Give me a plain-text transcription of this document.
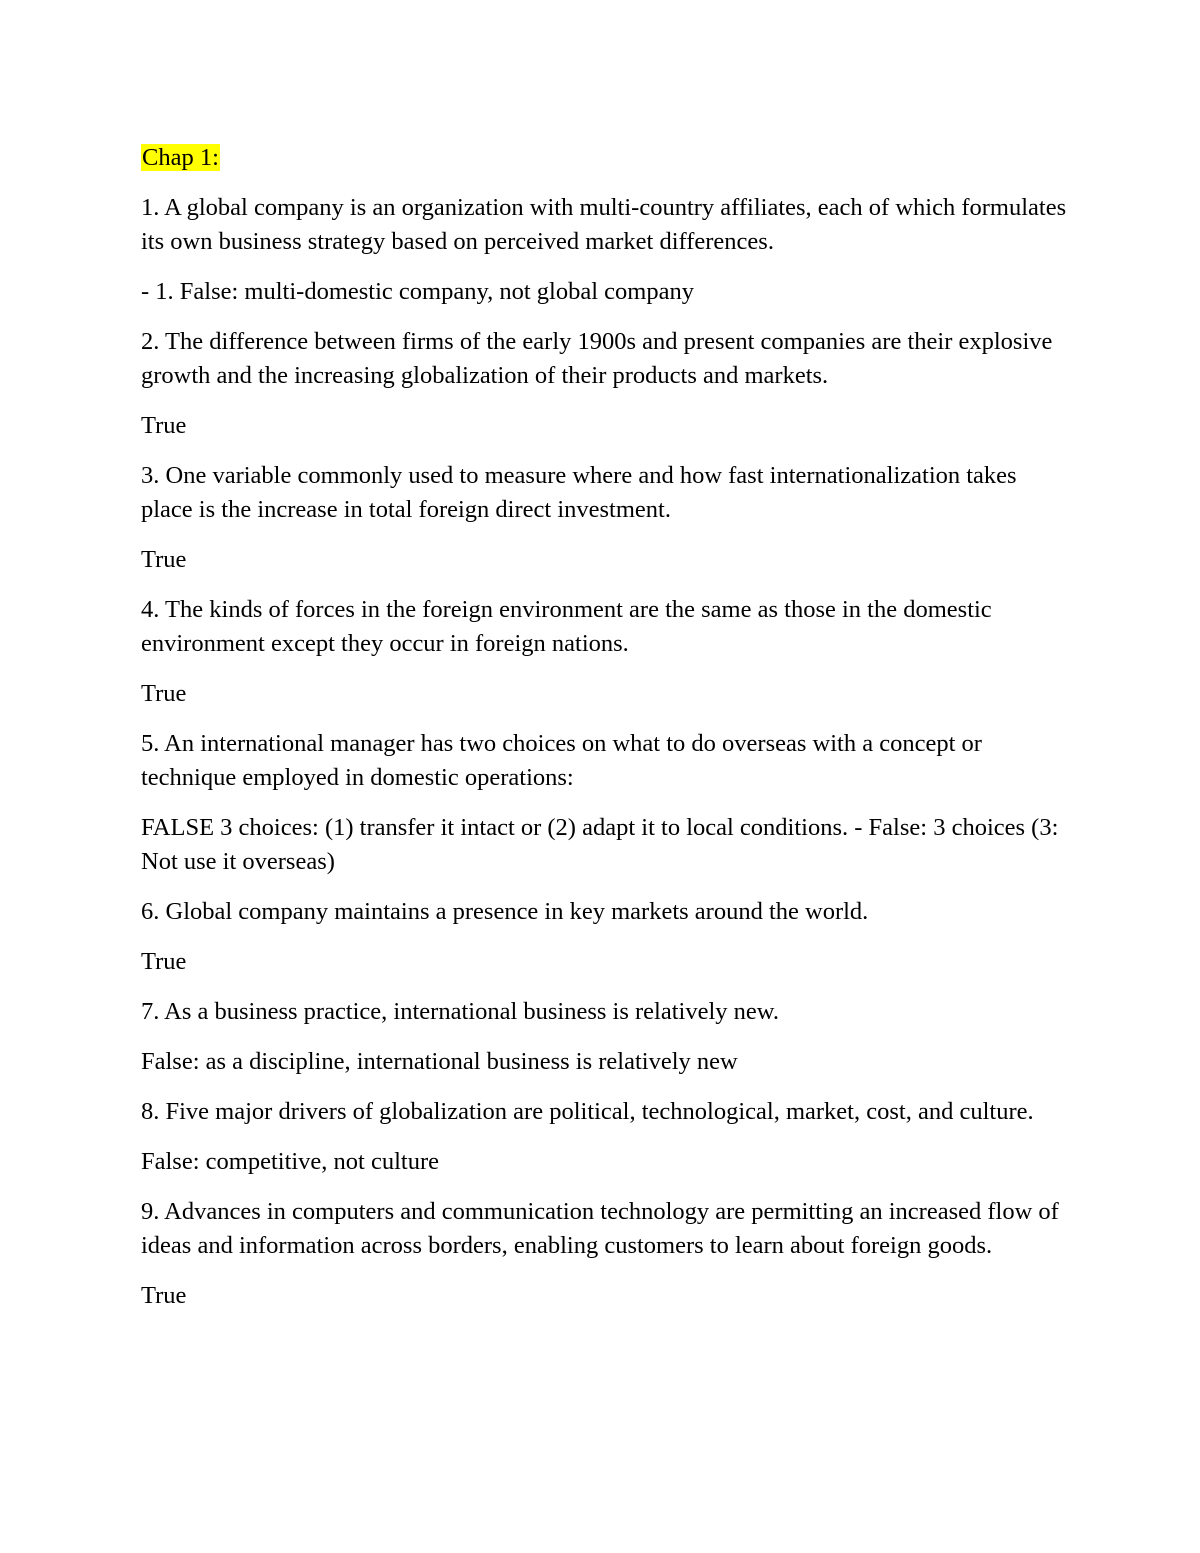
Chap 1:

1. A global company is an organization with multi-country affiliates, each of which formulates its own business strategy based on perceived market differences.

- 1. False: multi-domestic company, not global company

2. The difference between firms of the early 1900s and present companies are their explosive growth and the increasing globalization of their products and markets.

True

3. One variable commonly used to measure where and how fast internationalization takes place is the increase in total foreign direct investment.

True

4. The kinds of forces in the foreign environment are the same as those in the domestic environment except they occur in foreign nations.

True

5. An international manager has two choices on what to do overseas with a concept or technique employed in domestic operations:

FALSE 3 choices: (1) transfer it intact or (2) adapt it to local conditions. - False: 3 choices (3: Not use it overseas)

6. Global company maintains a presence in key markets around the world.

True

7. As a business practice, international business is relatively new.

False: as a discipline, international business is relatively new

8. Five major drivers of globalization are political, technological, market, cost, and culture.

False: competitive, not culture

9. Advances in computers and communication technology are permitting an increased flow of ideas and information across borders, enabling customers to learn about foreign goods.

True
